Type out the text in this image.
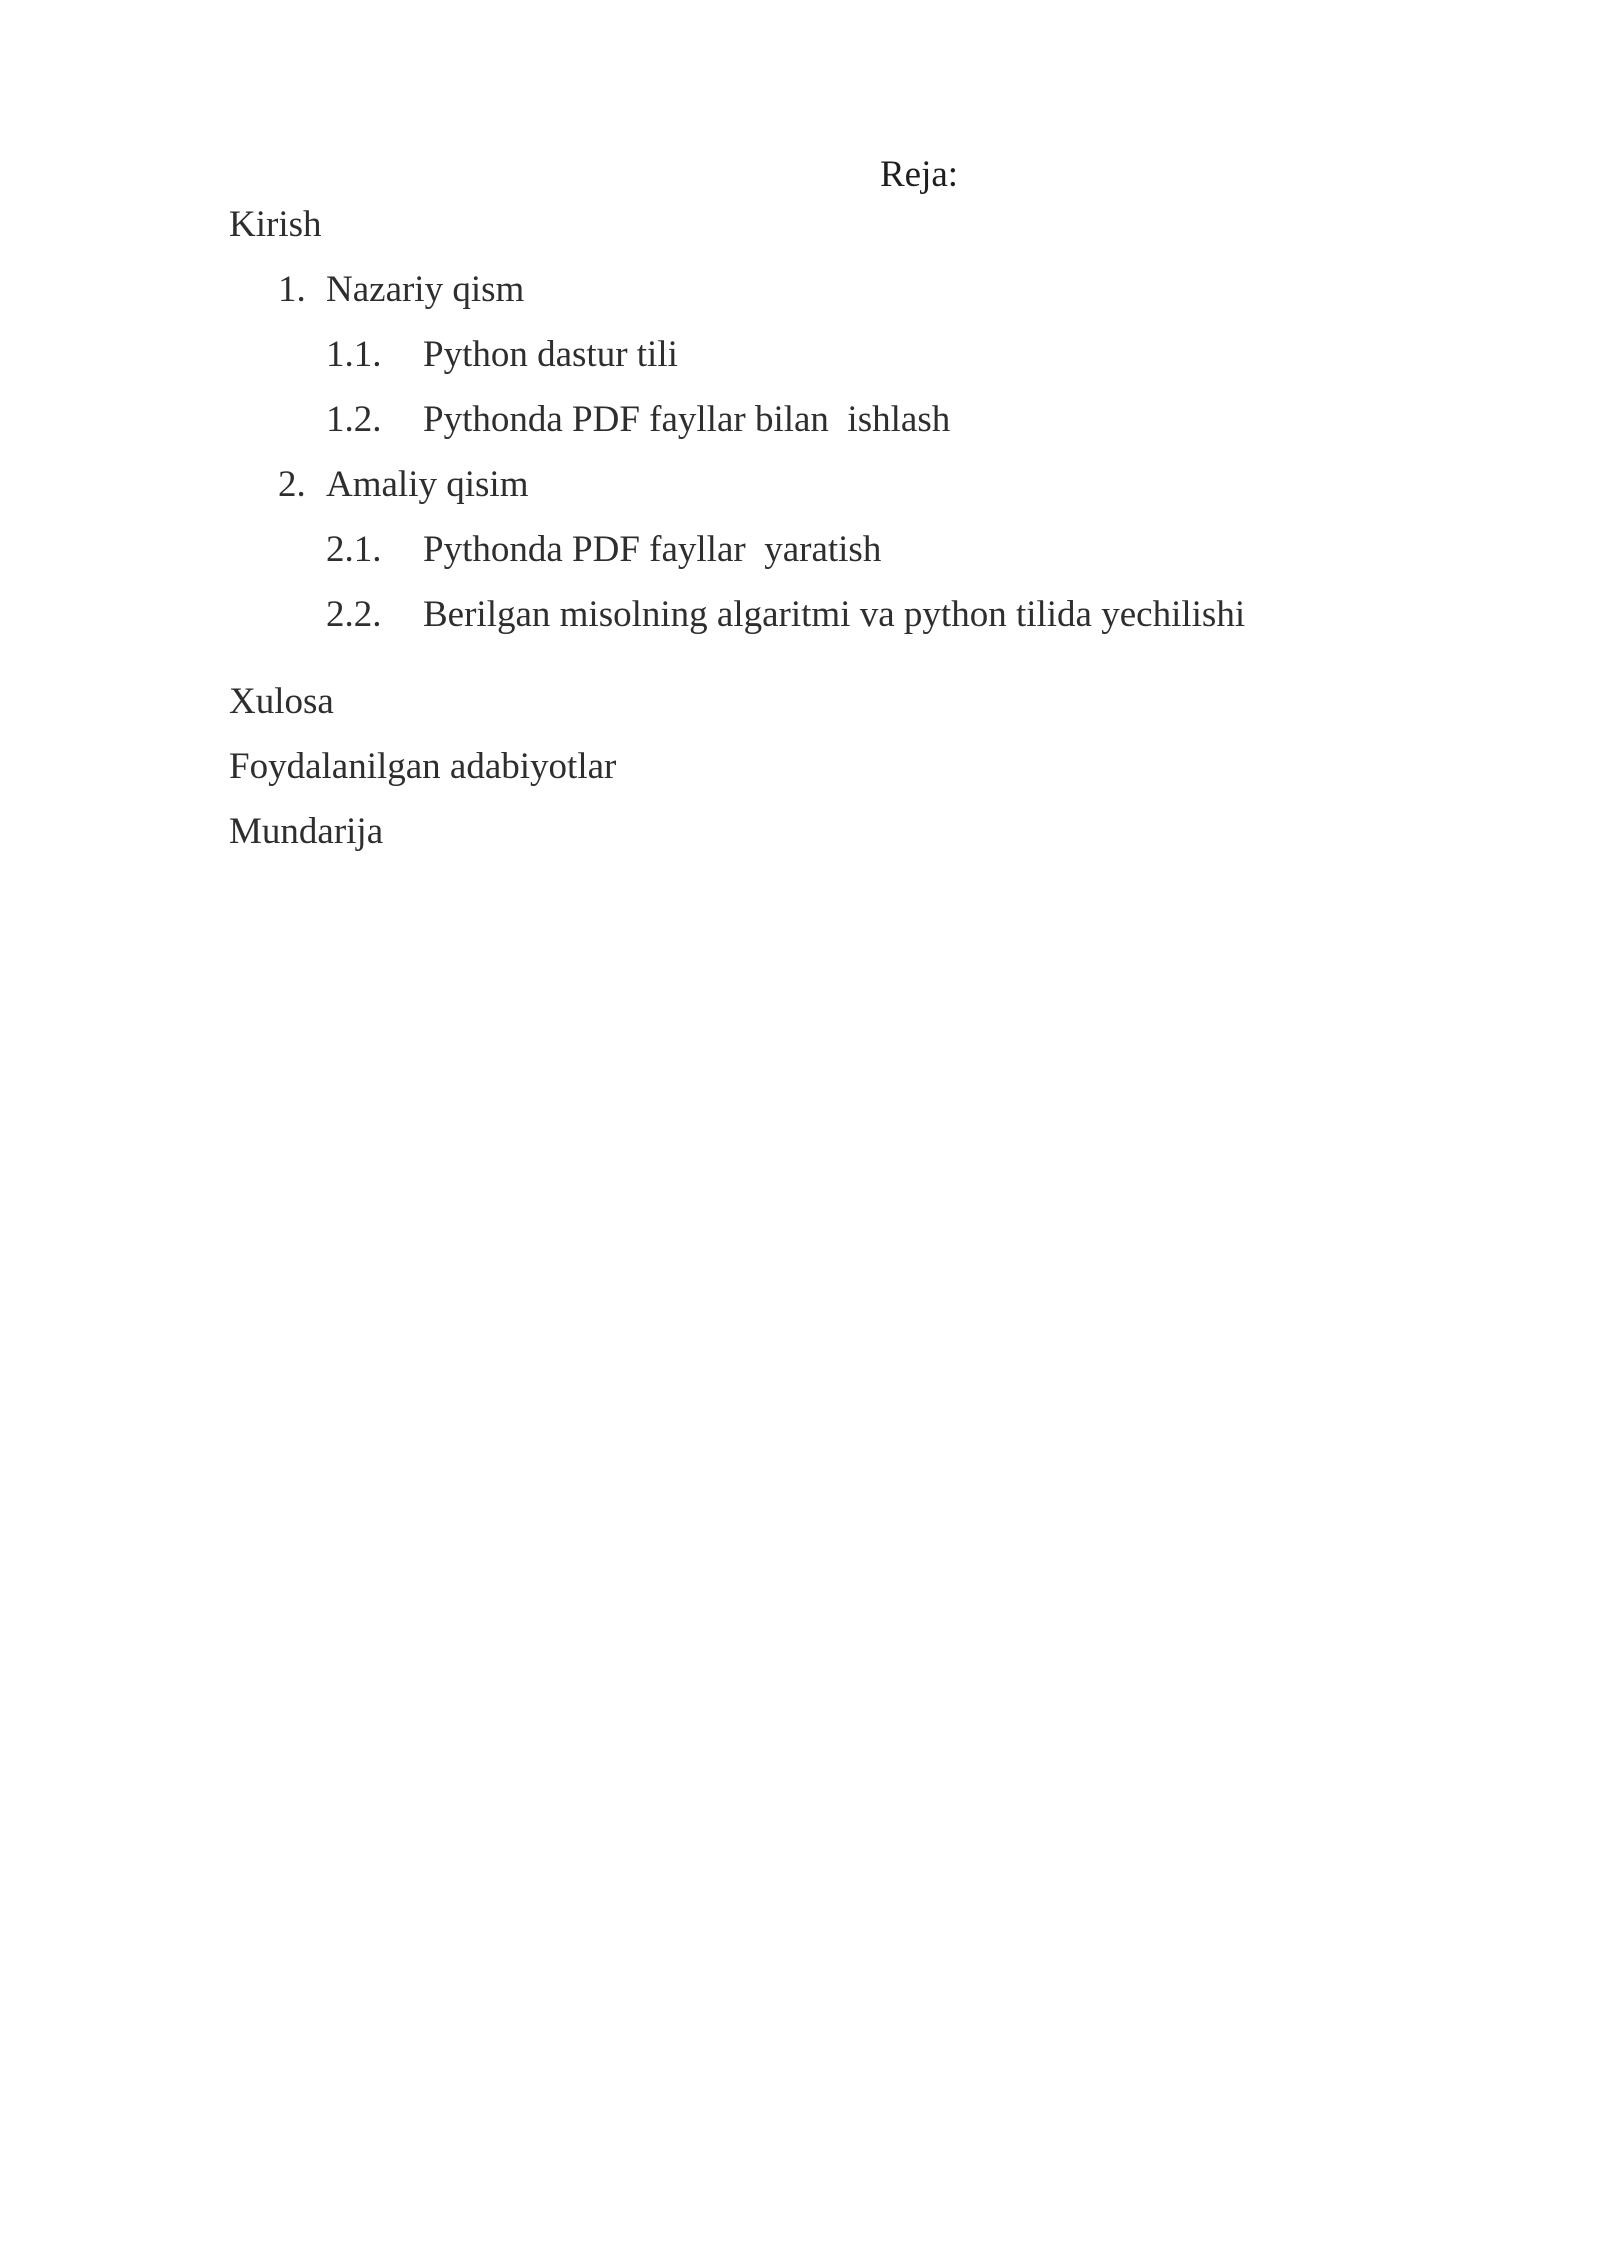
Reja:
Kirish
1. Nazariy qism
1.1. Python dastur tili
1.2. Pythonda PDF fayllar bilan  ishlash
2. Amaliy qisim
2.1. Pythonda PDF fayllar  yaratish
2.2. Berilgan misolning algaritmi va python tilida yechilishi
Xulosa
Foydalanilgan adabiyotlar
Mundarija
